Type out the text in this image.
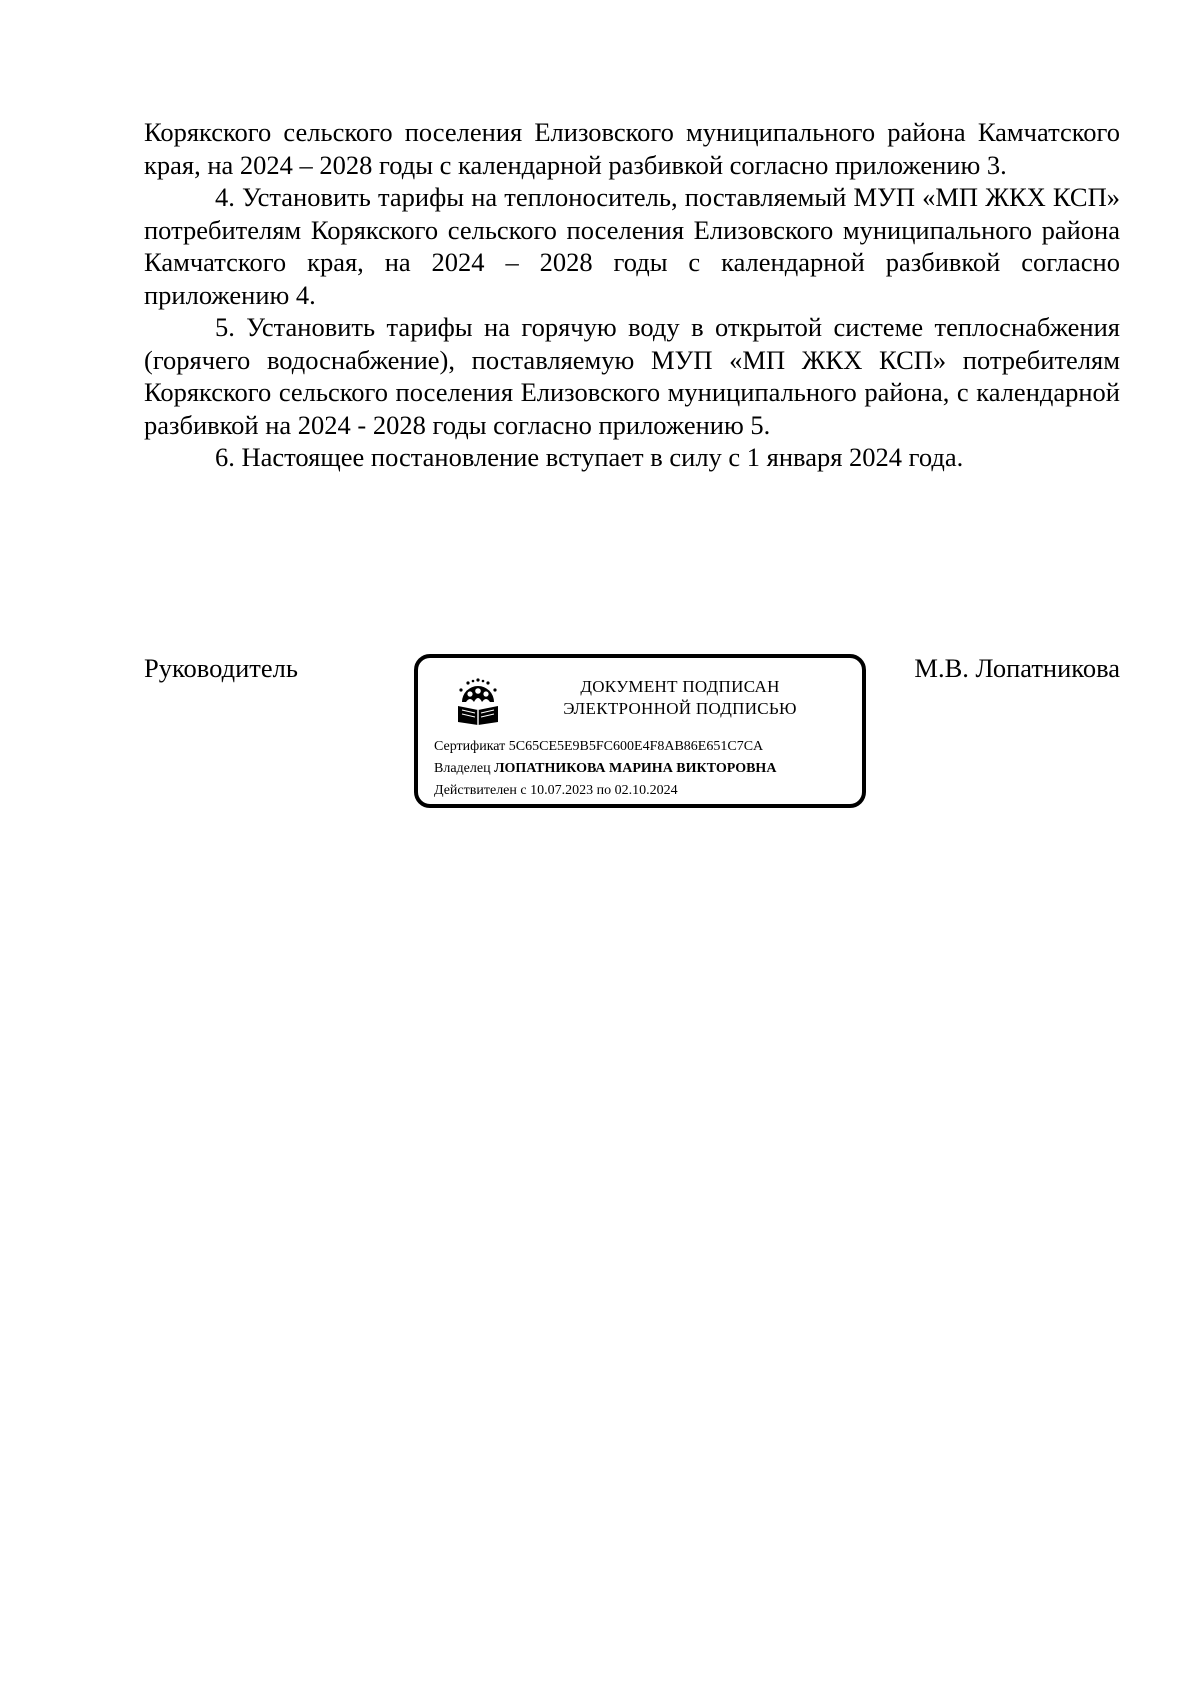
Корякского сельского поселения Елизовского муниципального района Камчатского края, на 2024 – 2028 годы с календарной разбивкой согласно приложению 3.

4. Установить тарифы на теплоноситель, поставляемый МУП «МП ЖКХ КСП» потребителям Корякского сельского поселения Елизовского муниципального района Камчатского края, на 2024 – 2028 годы с календарной разбивкой согласно приложению 4.

5. Установить тарифы на горячую воду в открытой системе теплоснабжения (горячего водоснабжение), поставляемую МУП «МП ЖКХ КСП» потребителям Корякского сельского поселения Елизовского муниципального района, с календарной разбивкой на 2024 - 2028 годы согласно приложению 5.

6. Настоящее постановление вступает в силу с 1 января 2024 года.

Руководитель
ДОКУМЕНТ ПОДПИСАН
ЭЛЕКТРОННОЙ ПОДПИСЬЮ
Сертификат 5C65CE5E9B5FC600E4F8AB86E651C7CA
Владелец ЛОПАТНИКОВА МАРИНА ВИКТОРОВНА
Действителен с 10.07.2023 по 02.10.2024
М.В. Лопатникова
